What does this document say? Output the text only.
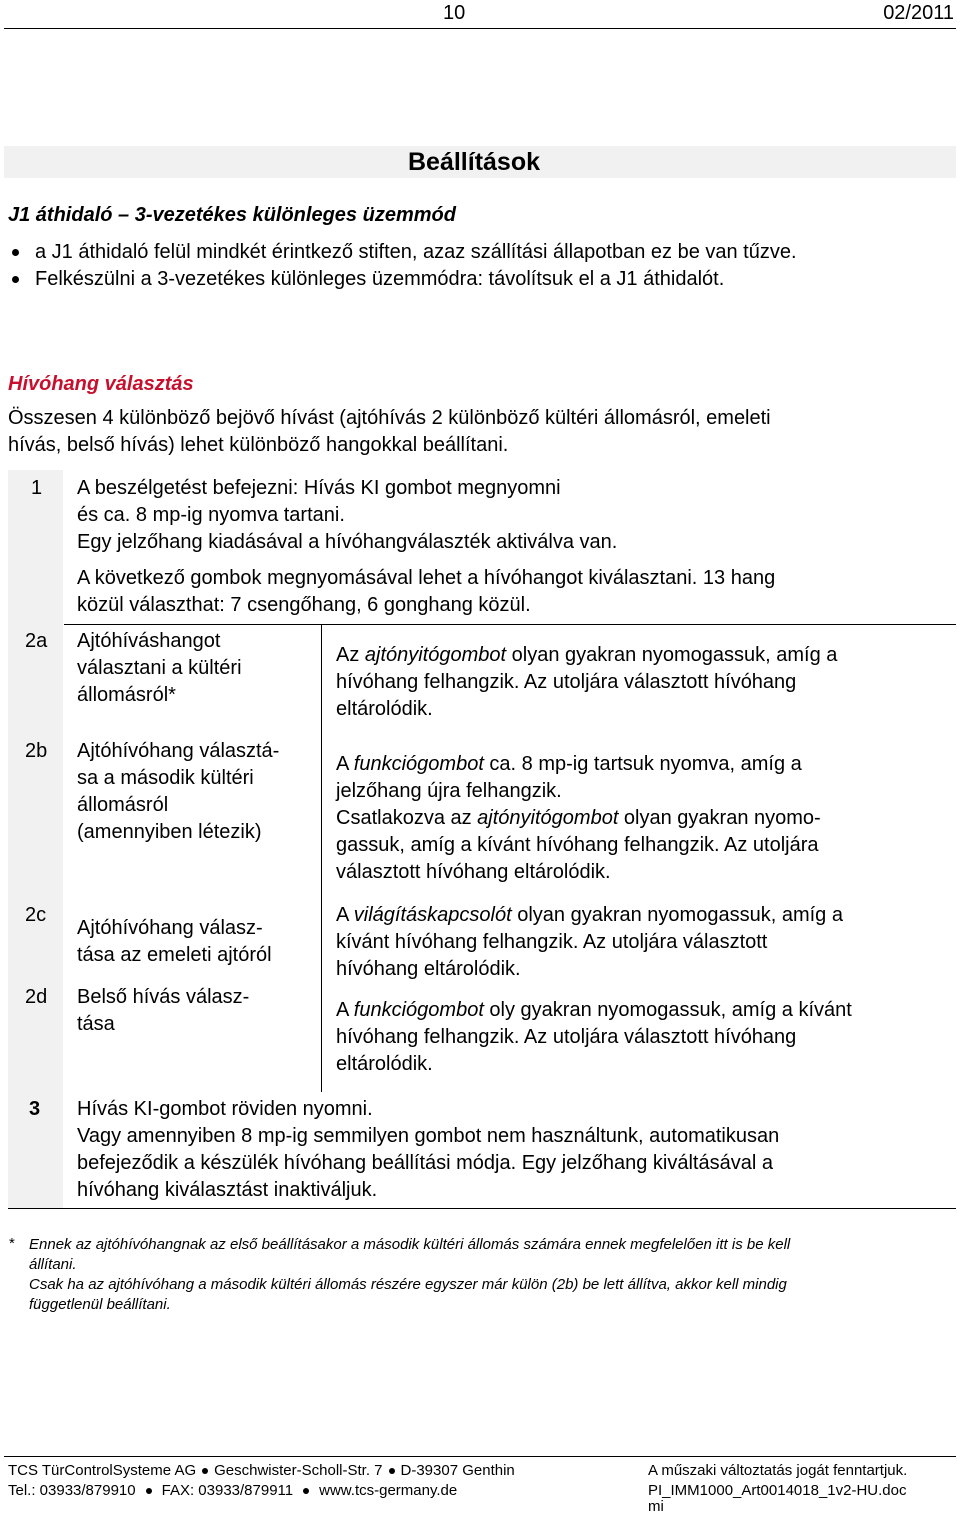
10	02/2011
Beállítások
J1 áthidaló – 3-vezetékes különleges üzemmód
a J1 áthidaló felül mindkét érintkező stiften, azaz szállítási állapotban ez be van tűzve.
Felkészülni a 3-vezetékes különleges üzemmódra: távolítsuk el a J1 áthidalót.
Hívóhang választás
Összesen 4 különböző bejövő hívást (ajtóhívás 2 különböző kültéri állomásról, emeleti
hívás, belső hívás) lehet különböző hangokkal beállítani.
1 A beszélgetést befejezni: Hívás KI gombot megnyomni
és ca. 8 mp-ig nyomva tartani.
Egy jelzőhang kiadásával a hívóhangválaszték aktiválva van.
A következő gombok megnyomásával lehet a hívóhangot kiválasztani. 13 hang
közül választhat: 7 csengőhang, 6 gonghang közül.
2a Ajtóhíváshangot
választani a kültéri
állomásról*
Az ajtónyitógombot olyan gyakran nyomogassuk, amíg a
hívóhang felhangzik. Az utoljára választott hívóhang
eltárolódik.
2b Ajtóhívóhang választá-
sa a második kültéri
állomásról
(amennyiben létezik)
A funkciógombot ca. 8 mp-ig tartsuk nyomva, amíg a
jelzőhang újra felhangzik.
Csatlakozva az ajtónyitógombot olyan gyakran nyomo-
gassuk, amíg a kívánt hívóhang felhangzik. Az utoljára
választott hívóhang eltárolódik.
2c
Ajtóhívóhang válasz-
tása az emeleti ajtóról
A világításkapcsolót olyan gyakran nyomogassuk, amíg a
kívánt hívóhang felhangzik. Az utoljára választott
hívóhang eltárolódik.
2d Belső hívás válasz-
tása
A funkciógombot oly gyakran nyomogassuk, amíg a kívánt
hívóhang felhangzik. Az utoljára választott hívóhang
eltárolódik.
3 Hívás KI-gombot röviden nyomni.
Vagy amennyiben 8 mp-ig semmilyen gombot nem használtunk, automatikusan
befejeződik a készülék hívóhang beállítási módja. Egy jelzőhang kiváltásával a
hívóhang kiválasztást inaktiváljuk.
* Ennek az ajtóhívóhangnak az első beállításakor a második kültéri állomás számára ennek megfelelően itt is be kell
állítani.
Csak ha az ajtóhívóhang a második kültéri állomás részére egyszer már külön (2b) be lett állítva, akkor kell mindig
függetlenül beállítani.
TCS TürControlSysteme AG Geschwister-Scholl-Str. 7 D-39307 Genthin
Tel.: 03933/879910 FAX: 03933/879911 www.tcs-germany.de
A műszaki változtatás jogát fenntartjuk.
PI_IMM1000_Art0014018_1v2-HU.doc
mi
